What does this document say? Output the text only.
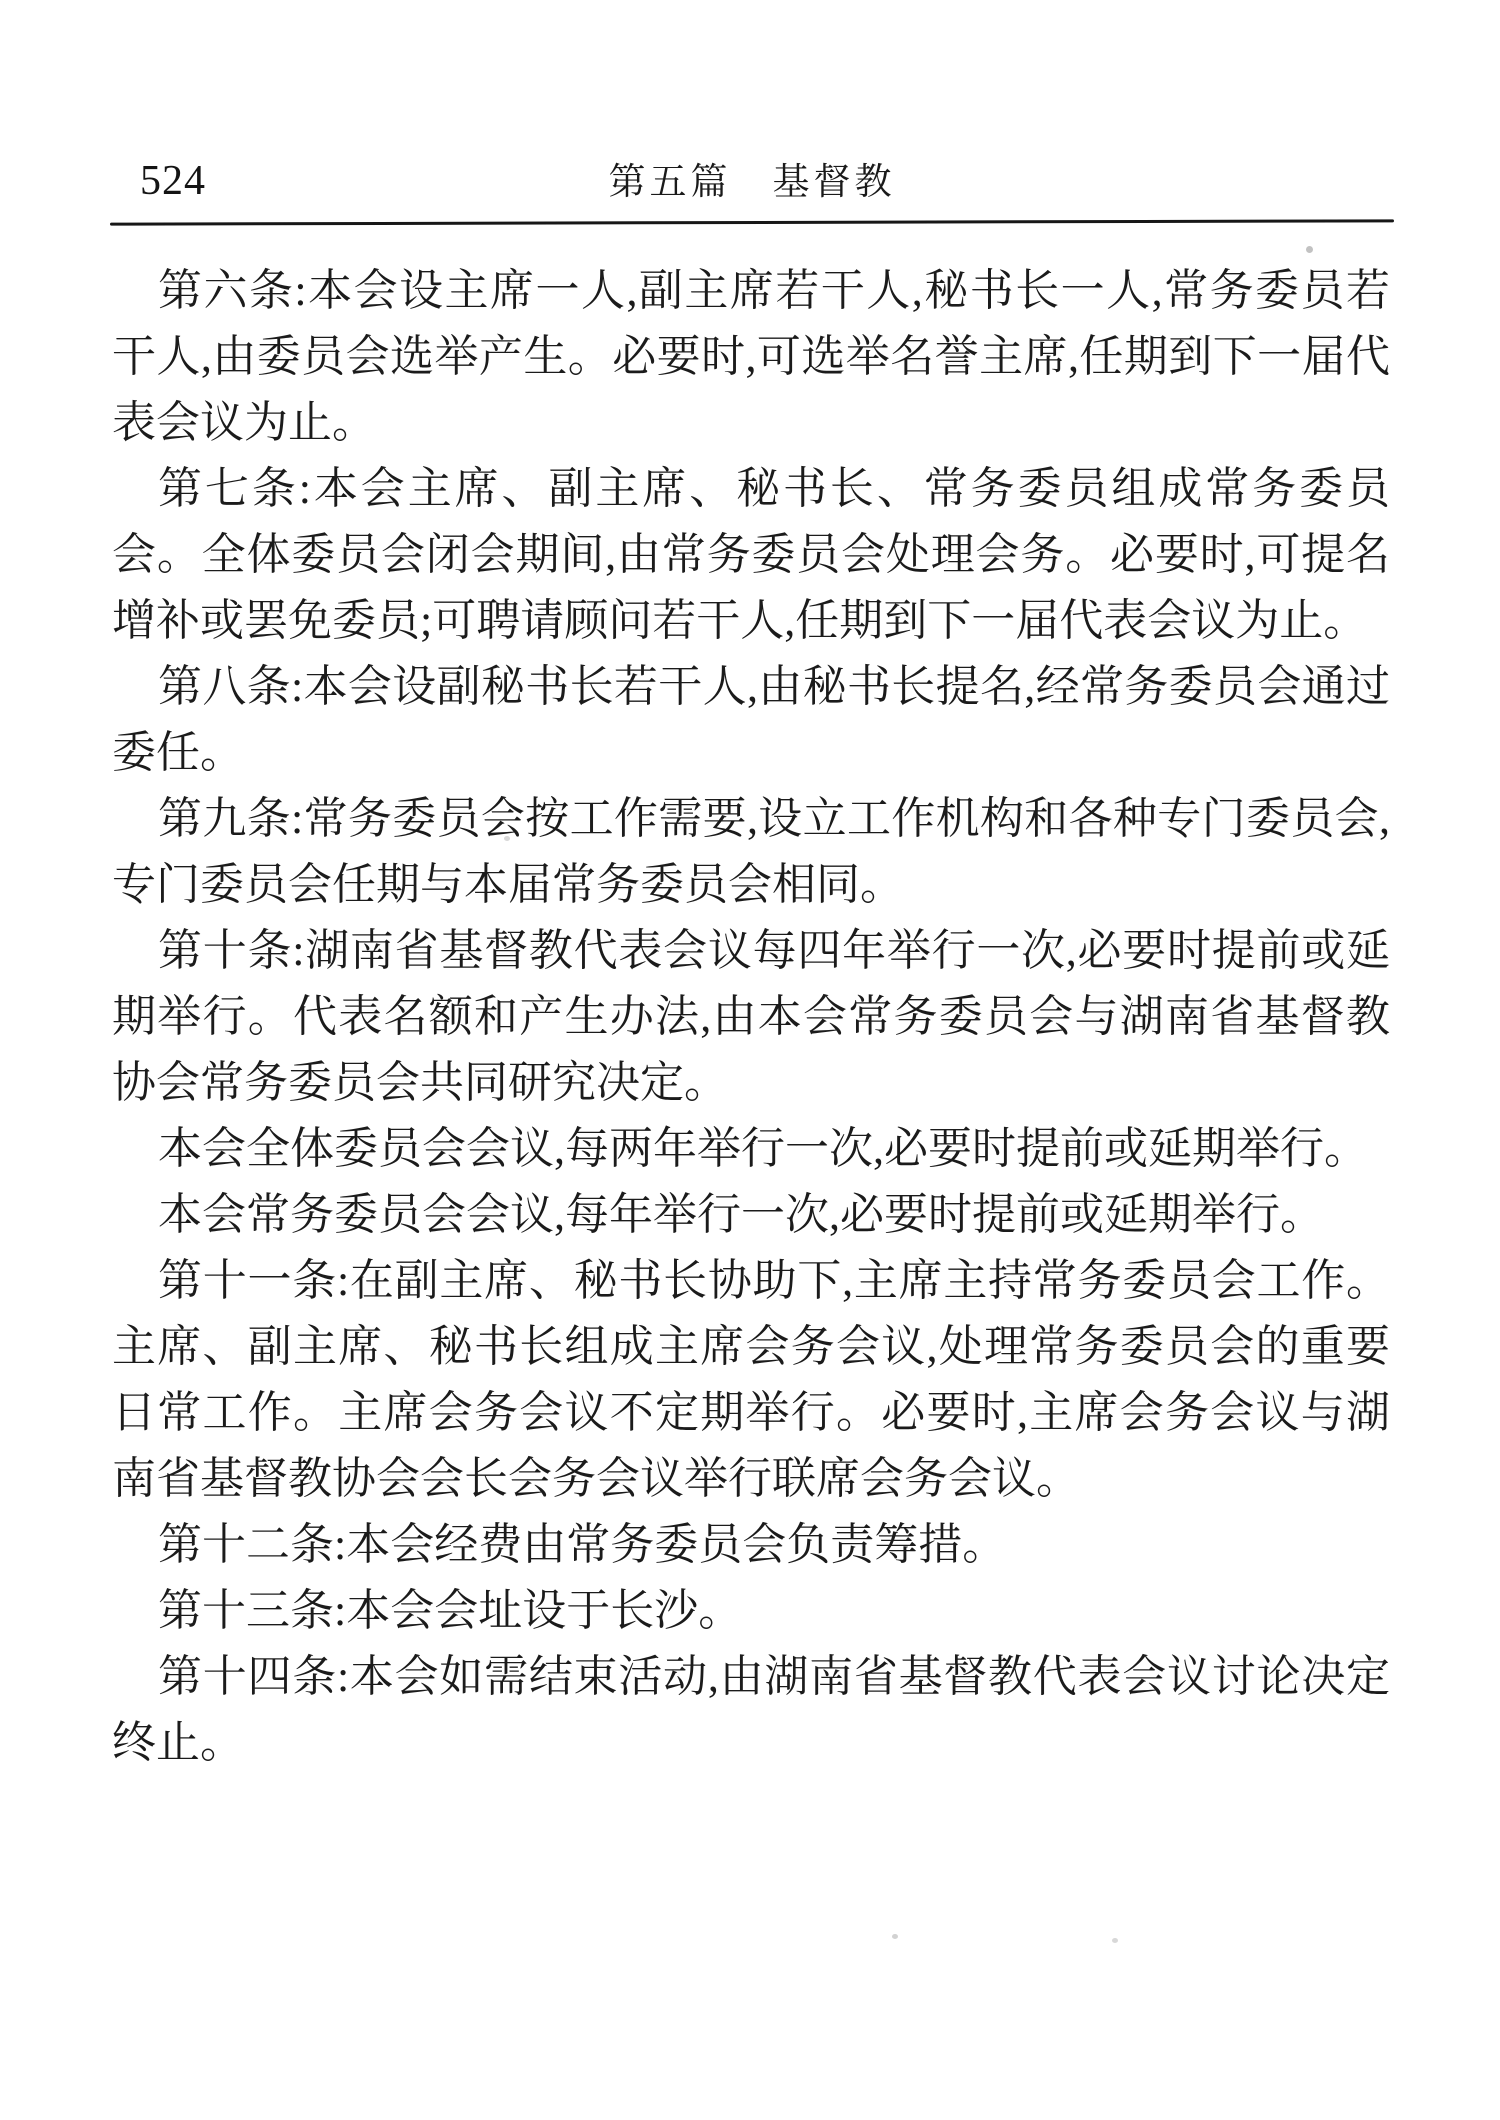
524	第五篇　基督教

第六条:本会设主席一人,副主席若干人,秘书长一人,常务委员若干人,由委员会选举产生。必要时,可选举名誉主席,任期到下一届代表会议为止。

第七条:本会主席、副主席、秘书长、常务委员组成常务委员会。全体委员会闭会期间,由常务委员会处理会务。必要时,可提名增补或罢免委员;可聘请顾问若干人,任期到下一届代表会议为止。

第八条:本会设副秘书长若干人,由秘书长提名,经常务委员会通过委任。

第九条:常务委员会按工作需要,设立工作机构和各种专门委员会,专门委员会任期与本届常务委员会相同。

第十条:湖南省基督教代表会议每四年举行一次,必要时提前或延期举行。代表名额和产生办法,由本会常务委员会与湖南省基督教协会常务委员会共同研究决定。

本会全体委员会会议,每两年举行一次,必要时提前或延期举行。

本会常务委员会会议,每年举行一次,必要时提前或延期举行。

第十一条:在副主席、秘书长协助下,主席主持常务委员会工作。主席、副主席、秘书长组成主席会务会议,处理常务委员会的重要日常工作。主席会务会议不定期举行。必要时,主席会务会议与湖南省基督教协会会长会务会议举行联席会务会议。

第十二条:本会经费由常务委员会负责筹措。

第十三条:本会会址设于长沙。

第十四条:本会如需结束活动,由湖南省基督教代表会议讨论决定终止。
